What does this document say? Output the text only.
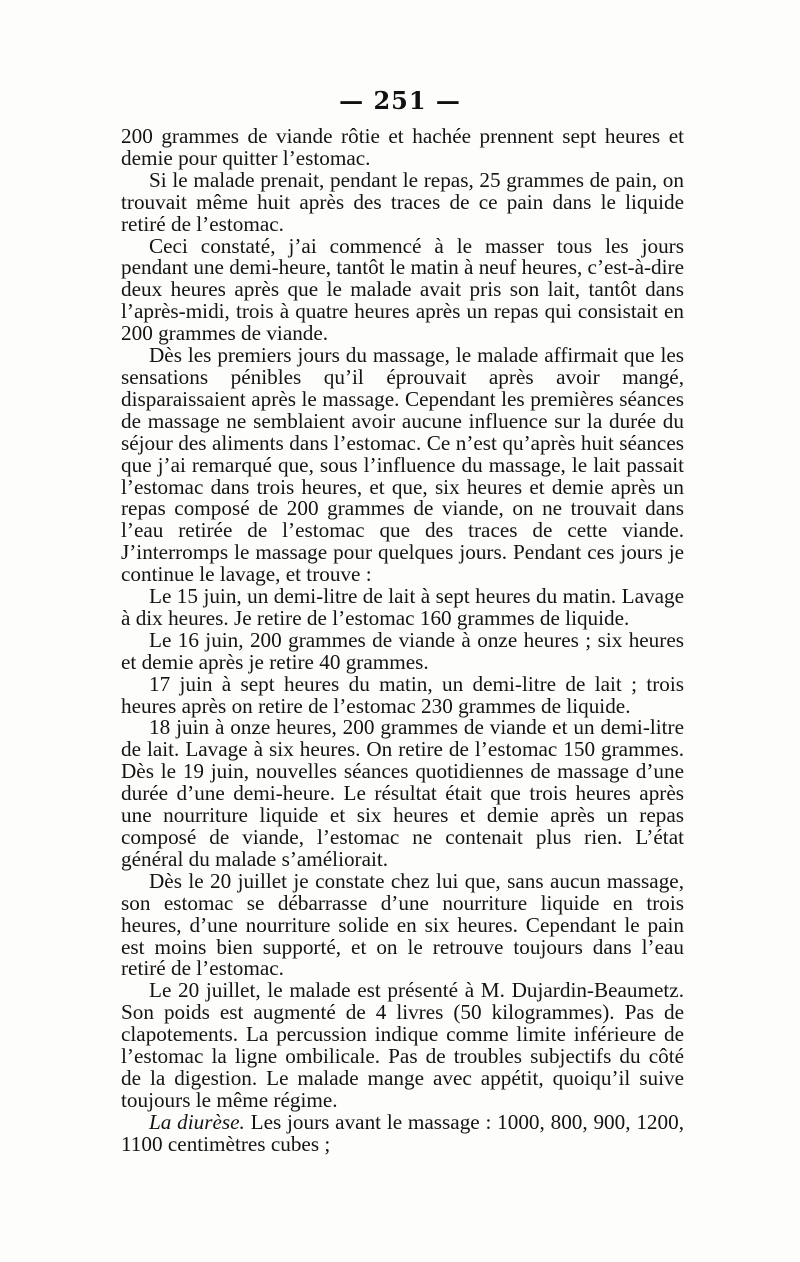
— 251 —

200 grammes de viande rôtie et hachée prennent sept heures et demie pour quitter l’estomac.

Si le malade prenait, pendant le repas, 25 grammes de pain, on trouvait même huit après des traces de ce pain dans le liquide retiré de l’estomac.

Ceci constaté, j’ai commencé à le masser tous les jours pendant une demi-heure, tantôt le matin à neuf heures, c’est-à-dire deux heures après que le malade avait pris son lait, tantôt dans l’après-midi, trois à quatre heures après un repas qui consistait en 200 grammes de viande.

Dès les premiers jours du massage, le malade affirmait que les sensations pénibles qu’il éprouvait après avoir mangé, disparaissaient après le massage. Cependant les premières séances de massage ne semblaient avoir aucune influence sur la durée du séjour des aliments dans l’estomac. Ce n’est qu’après huit séances que j’ai remarqué que, sous l’influence du massage, le lait passait l’estomac dans trois heures, et que, six heures et demie après un repas composé de 200 grammes de viande, on ne trouvait dans l’eau retirée de l’estomac que des traces de cette viande. J’interromps le massage pour quelques jours. Pendant ces jours je continue le lavage, et trouve :

Le 15 juin, un demi-litre de lait à sept heures du matin. Lavage à dix heures. Je retire de l’estomac 160 grammes de liquide.

Le 16 juin, 200 grammes de viande à onze heures ; six heures et demie après je retire 40 grammes.

17 juin à sept heures du matin, un demi-litre de lait ; trois heures après on retire de l’estomac 230 grammes de liquide.

18 juin à onze heures, 200 grammes de viande et un demi-litre de lait. Lavage à six heures. On retire de l’estomac 150 grammes. Dès le 19 juin, nouvelles séances quotidiennes de massage d’une durée d’une demi-heure. Le résultat était que trois heures après une nourriture liquide et six heures et demie après un repas composé de viande, l’estomac ne contenait plus rien. L’état général du malade s’améliorait.

Dès le 20 juillet je constate chez lui que, sans aucun massage, son estomac se débarrasse d’une nourriture liquide en trois heures, d’une nourriture solide en six heures. Cependant le pain est moins bien supporté, et on le retrouve toujours dans l’eau retiré de l’estomac.

Le 20 juillet, le malade est présenté à M. Dujardin-Beaumetz. Son poids est augmenté de 4 livres (50 kilogrammes). Pas de clapotements. La percussion indique comme limite inférieure de l’estomac la ligne ombilicale. Pas de troubles subjectifs du côté de la digestion. Le malade mange avec appétit, quoiqu’il suive toujours le même régime.

La diurèse. Les jours avant le massage : 1000, 800, 900, 1200, 1100 centimètres cubes ;
